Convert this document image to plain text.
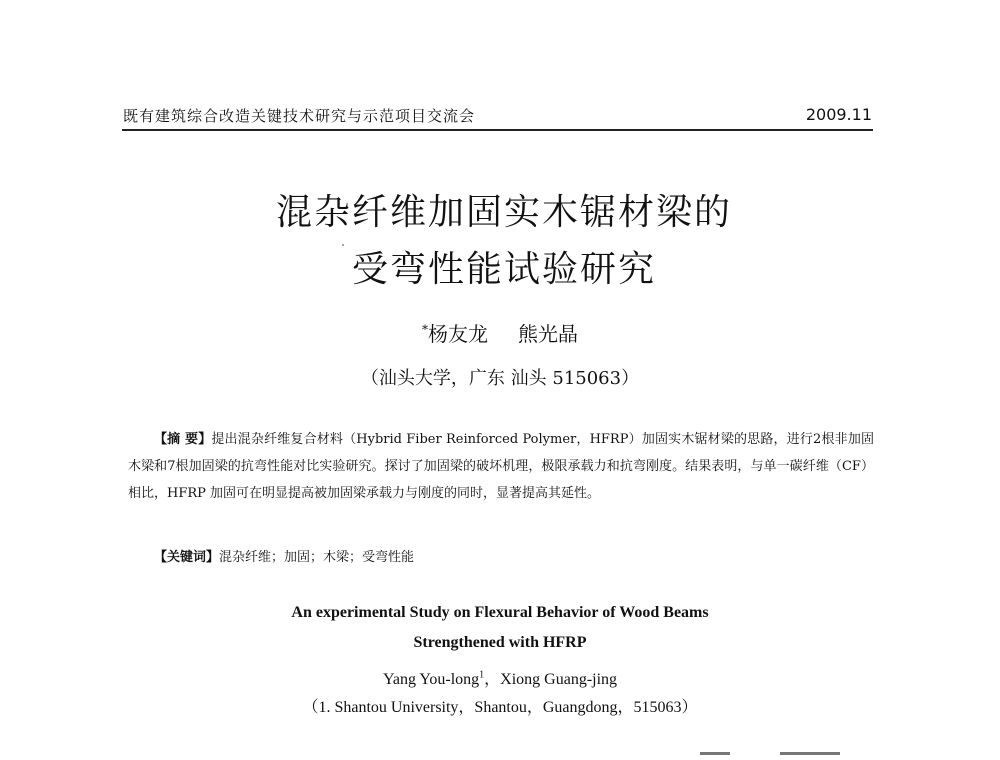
既有建筑综合改造关键技术研究与示范项目交流会	2009.11
混杂纤维加固实木锯材梁的
受弯性能试验研究
*杨友龙 熊光晶
（汕头大学，广东 汕头 515063）

【摘 要】提出混杂纤维复合材料（Hybrid Fiber Reinforced Polymer，HFRP）加固实木锯材梁的思路，进行2根非加固木梁和7根加固梁的抗弯性能对比实验研究。探讨了加固梁的破坏机理，极限承载力和抗弯刚度。结果表明，与单一碳纤维（CF）相比，HFRP 加固可在明显提高被加固梁承载力与刚度的同时，显著提高其延性。

【关键词】混杂纤维；加固；木梁；受弯性能
An experimental Study on Flexural Behavior of Wood Beams
Strengthened with HFRP
Yang You-long$^1$，Xiong Guang-jing
（1. Shantou University，Shantou，Guangdong，515063）
